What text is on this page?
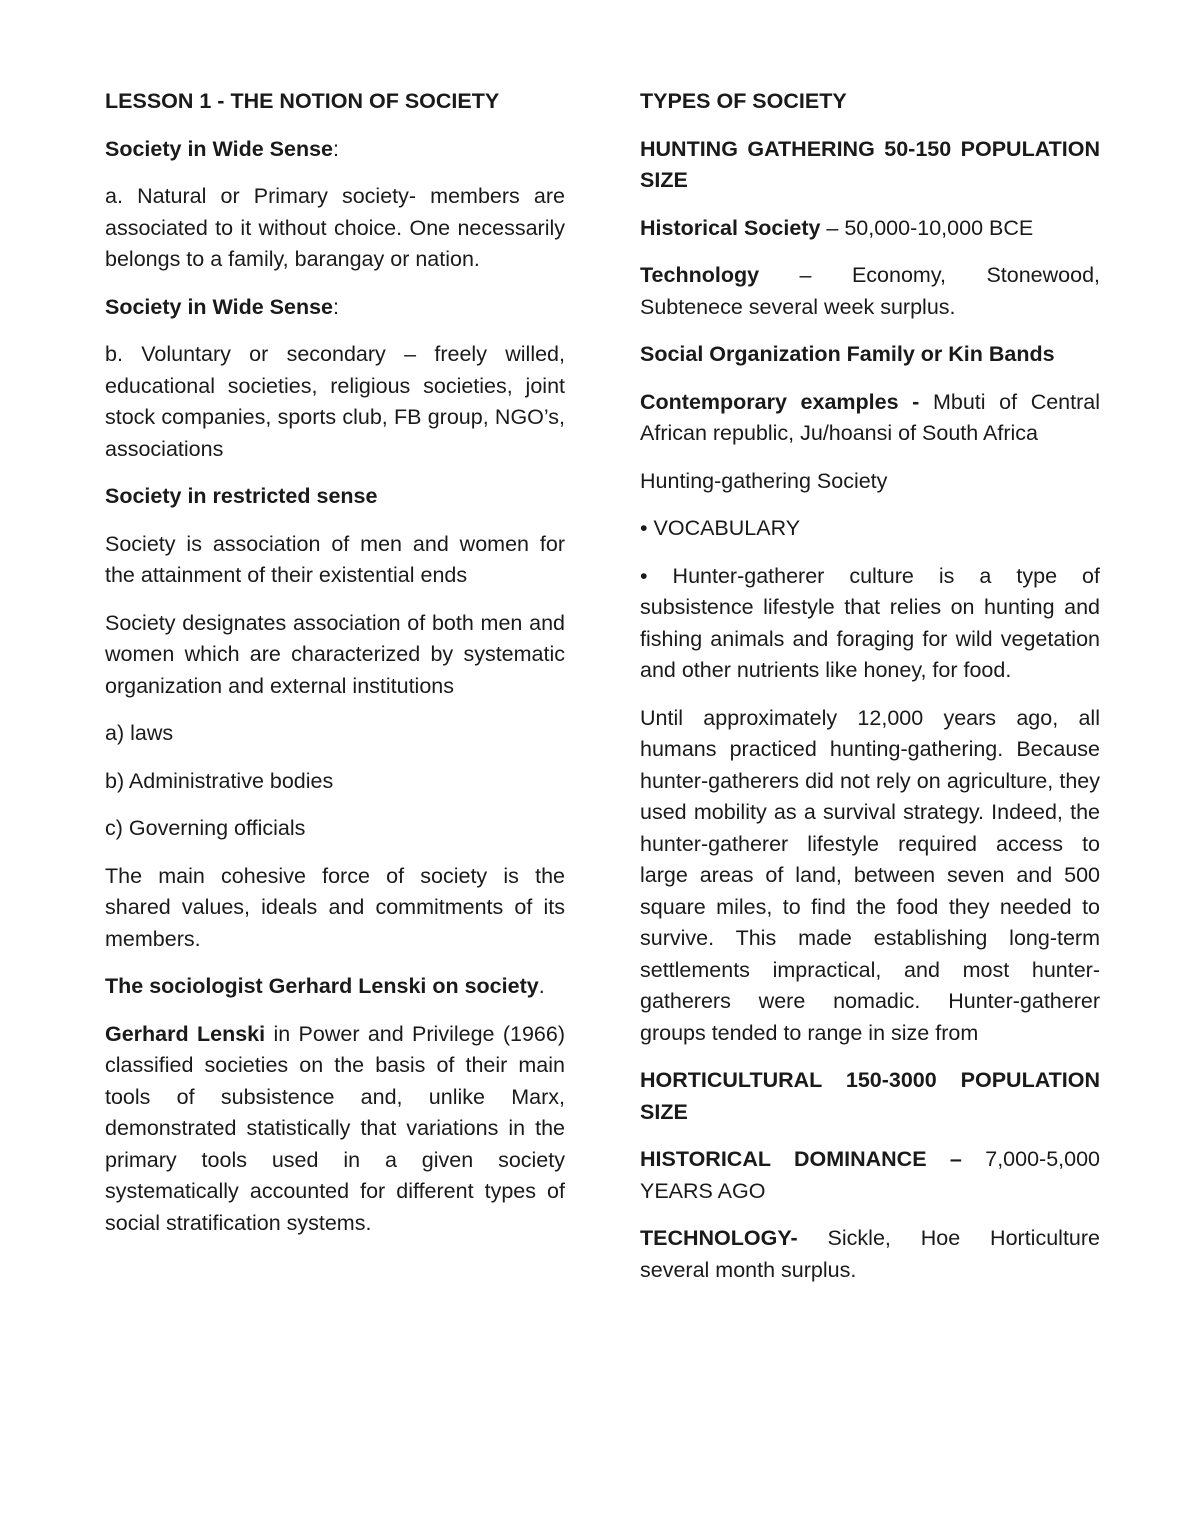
LESSON 1 - THE NOTION OF SOCIETY

Society in Wide Sense:

a. Natural or Primary society- members are associated to it without choice. One necessarily belongs to a family, barangay or nation.

Society in Wide Sense:

b. Voluntary or secondary – freely willed, educational societies, religious societies, joint stock companies, sports club, FB group, NGO’s, associations

Society in restricted sense

Society is association of men and women for the attainment of their existential ends

Society designates association of both men and women which are characterized by systematic organization and external institutions

a) laws

b) Administrative bodies

c) Governing officials

The main cohesive force of society is the shared values, ideals and commitments of its members.

The sociologist Gerhard Lenski on society.

Gerhard Lenski in Power and Privilege (1966) classified societies on the basis of their main tools of subsistence and, unlike Marx, demonstrated statistically that variations in the primary tools used in a given society systematically accounted for different types of social stratification systems.

TYPES OF SOCIETY

HUNTING GATHERING 50-150 POPULATION SIZE

Historical Society – 50,000-10,000 BCE

Technology – Economy, Stonewood, Subtenece several week surplus.

Social Organization Family or Kin Bands

Contemporary examples - Mbuti of Central African republic, Ju/hoansi of South Africa

Hunting-gathering Society

• VOCABULARY

• Hunter-gatherer culture is a type of subsistence lifestyle that relies on hunting and fishing animals and foraging for wild vegetation and other nutrients like honey, for food.

Until approximately 12,000 years ago, all humans practiced hunting-gathering. Because hunter-gatherers did not rely on agriculture, they used mobility as a survival strategy. Indeed, the hunter-gatherer lifestyle required access to large areas of land, between seven and 500 square miles, to find the food they needed to survive. This made establishing long-term settlements impractical, and most hunter-gatherers were nomadic. Hunter-gatherer groups tended to range in size from

HORTICULTURAL 150-3000 POPULATION SIZE

HISTORICAL DOMINANCE – 7,000-5,000 YEARS AGO

TECHNOLOGY- Sickle, Hoe Horticulture several month surplus.
